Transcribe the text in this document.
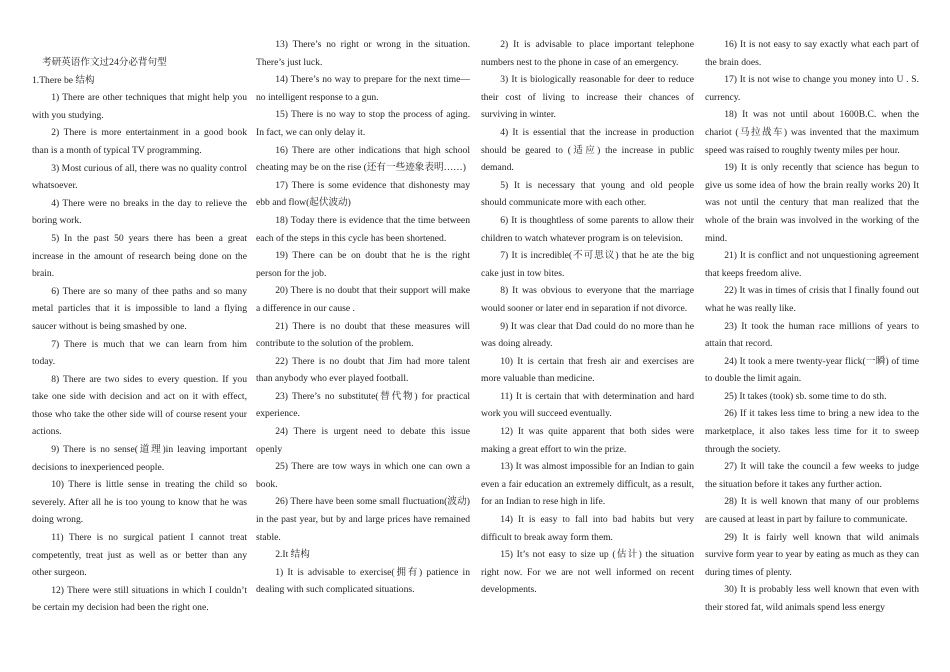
考研英语作文过24分必背句型

1.There be 结构

1) There are other techniques that might help you with you studying.

2) There is more entertainment in a good book than is a month of typical TV programming.

3) Most curious of all, there was no quality control whatsoever.

4) There were no breaks in the day to relieve the boring work.

5) In the past 50 years there has been a great increase in the amount of research being done on the brain.

6) There are so many of thee paths and so many metal particles that it is impossible to land a flying saucer without is being smashed by one.

7) There is much that we can learn from him today.

8) There are two sides to every question. If you take one side with decision and act on it with effect, those who take the other side will of course resent your actions.

9) There is no sense(道理)in leaving important decisions to inexperienced people.

10) There is little sense in treating the child so severely. After all he is too young to know that he was doing wrong.

11) There is no surgical patient I cannot treat competently, treat just as well as or better than any other surgeon.

12) There were still situations in which I couldn’t be certain my decision had been the right one.

13) There’s no right or wrong in the situation. There’s just luck.

14) There’s no way to prepare for the next time—no intelligent response to a gun.

15) There is no way to stop the process of aging. In fact, we can only delay it.

16) There are other indications that high school cheating may be on the rise (还有一些迹象表明……)

17) There is some evidence that dishonesty may ebb and flow(起伏波动)

18) Today there is evidence that the time between each of the steps in this cycle has been shortened.

19) There can be on doubt that he is the right person for the job.

20) There is no doubt that their support will make a difference in our cause .

21) There is no doubt that these measures will contribute to the solution of the problem.

22) There is no doubt that Jim had more talent than anybody who ever played football.

23) There’s no substitute(替代物) for practical experience.

24) There is urgent need to debate this issue openly

25) There are tow ways in which one can own a book.

26) There have been some small fluctuation(波动) in the past year, but by and large prices have remained stable.

2.It 结构

1) It is advisable to exercise(拥有) patience in dealing with such complicated situations.

2) It is advisable to place important telephone numbers nest to the phone in case of an emergency.

3) It is biologically reasonable for deer to reduce their cost of living to increase their chances of surviving in winter.

4) It is essential that the increase in production should be geared to (适应) the increase in public demand.

5) It is necessary that young and old people should communicate more with each other.

6) It is thoughtless of some parents to allow their children to watch whatever program is on television.

7) It is incredible(不可思议) that he ate the big cake just in tow bites.

8) It was obvious to everyone that the marriage would sooner or later end in separation if not divorce.

9) It was clear that Dad could do no more than he was doing already.

10) It is certain that fresh air and exercises are more valuable than medicine.

11) It is certain that with determination and hard work you will succeed eventually.

12) It was quite apparent that both sides were making a great effort to win the prize.

13) It was almost impossible for an Indian to gain even a fair education an extremely difficult, as a result, for an Indian to rese high in life.

14) It is easy to fall into bad habits but very difficult to break away form them.

15) It’s not easy to size up (估计) the situation right now. For we are not well informed on recent developments.

16) It is not easy to say exactly what each part of the brain does.

17) It is not wise to change you money into U . S. currency.

18) It was not until about 1600B.C. when the chariot (马拉战车) was invented that the maximum speed was raised to roughly twenty miles per hour.

19) It is only recently that science has begun to give us some idea of how the brain really works 20) It was not until the century that man realized that the whole of the brain was involved in the working of the mind.

21) It is conflict and not unquestioning agreement that keeps freedom alive.

22) It was in times of crisis that I finally found out what he was really like.

23) It took the human race millions of years to attain that record.

24) It took a mere twenty-year flick(一瞬) of time to double the limit again.

25) It takes (took) sb. some time to do sth.

26) If it takes less time to bring a new idea to the marketplace, it also takes less time for it to sweep through the society.

27) It will take the council a few weeks to judge the situation before it takes any further action.

28) It is well known that many of our problems are caused at least in part by failure to communicate.

29) It is fairly well known that wild animals survive form year to year by eating as much as they can during times of plenty.

30) It is probably less well known that even with their stored fat, wild animals spend less energy
